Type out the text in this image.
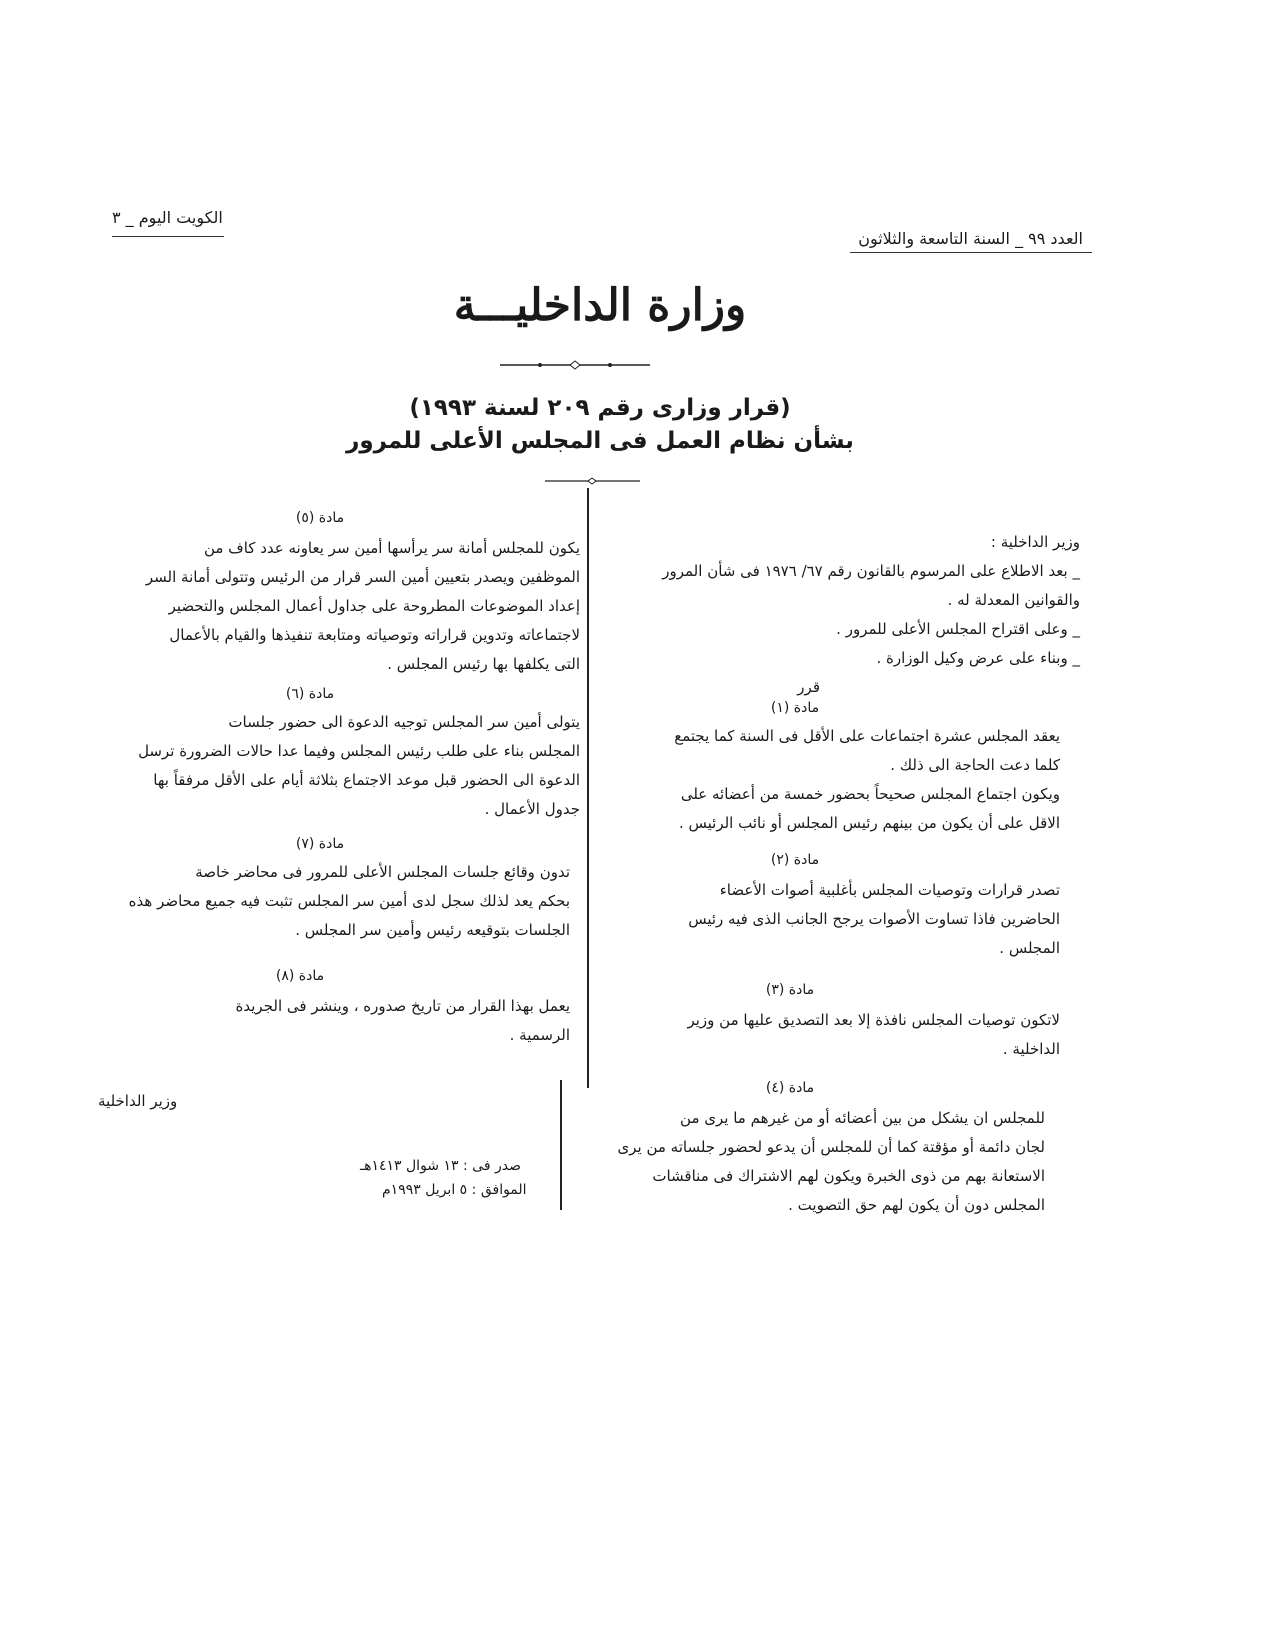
الكويت اليوم _ ٣
العدد ٩٩ _ السنة التاسعة والثلاثون
وزارة الداخليـــة
(قرار وزارى رقم ٢٠٩ لسنة ١٩٩٣)
بشأن نظام العمل فى المجلس الأعلى للمرور
وزير الداخلية :
_ بعد الاطلاع على المرسوم بالقانون رقم ٦٧/ ١٩٧٦ فى شأن المرور
والقوانين المعدلة له .
_ وعلى اقتراح المجلس الأعلى للمرور .
_ وبناء على عرض وكيل الوزارة .
قرر
مادة (١)
يعقد المجلس عشرة اجتماعات على الأقل فى السنة كما يجتمع
كلما دعت الحاجة الى ذلك .
ويكون اجتماع المجلس صحيحاً بحضور خمسة من أعضائه على
الاقل على أن يكون من بينهم رئيس المجلس أو نائب الرئيس .
مادة (٢)
تصدر قرارات وتوصيات المجلس بأغلبية أصوات الأعضاء
الحاضرين فاذا تساوت الأصوات يرجح الجانب الذى فيه رئيس
المجلس .
مادة (٣)
لاتكون توصيات المجلس نافذة إلا بعد التصديق عليها من وزير
الداخلية .
مادة (٤)
للمجلس ان يشكل من بين أعضائه أو من غيرهم ما يرى من
لجان دائمة أو مؤقتة كما أن للمجلس أن يدعو لحضور جلساته من يرى
الاستعانة بهم من ذوى الخبرة ويكون لهم الاشتراك فى مناقشات
المجلس دون أن يكون لهم حق التصويت .
مادة (٥)
يكون للمجلس أمانة سر يرأسها أمين سر يعاونه عدد كاف من
الموظفين ويصدر بتعيين أمين السر قرار من الرئيس وتتولى أمانة السر
إعداد الموضوعات المطروحة على جداول أعمال المجلس والتحضير
لاجتماعاته وتدوين قراراته وتوصياته ومتابعة تنفيذها والقيام بالأعمال
التى يكلفها بها رئيس المجلس .
مادة (٦)
يتولى أمين سر المجلس توجيه الدعوة الى حضور جلسات
المجلس بناء على طلب رئيس المجلس وفيما عدا حالات الضرورة ترسل
الدعوة الى الحضور قبل موعد الاجتماع بثلاثة أيام على الأقل مرفقاً بها
جدول الأعمال .
مادة (٧)
تدون وقائع جلسات المجلس الأعلى للمرور فى محاضر خاصة
بحكم يعد لذلك سجل لدى أمين سر المجلس تثبت فيه جميع محاضر هذه
الجلسات بتوقيعه رئيس وأمين سر المجلس .
مادة (٨)
يعمل بهذا القرار من تاريخ صدوره ، وينشر فى الجريدة
الرسمية .
وزير الداخلية
صدر فى : ١٣ شوال ١٤١٣هـ
الموافق : ٥ ابريل ١٩٩٣م
